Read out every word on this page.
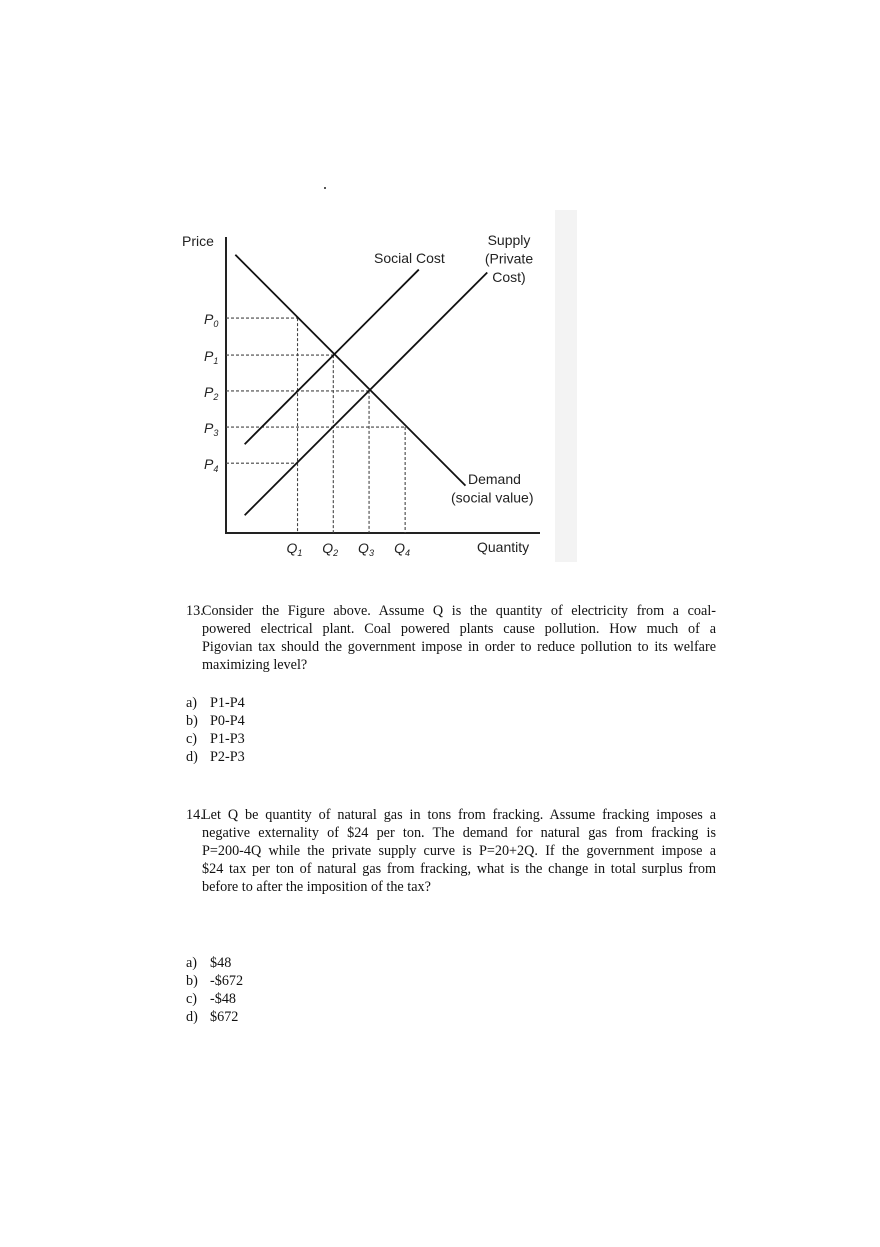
Price
Quantity
$P_0$
$P_1$
$P_2$
$P_3$
$P_4$
$Q_1$ $Q_2$ $Q_3$ $Q_4$
Demand
(social value)
Social Cost
Supply
(Private
Cost)
13.
Consider the Figure above. Assume Q is the quantity of electricity from a coal-
powered electrical plant. Coal powered plants cause pollution. How much of a
Pigovian tax should the government impose in order to reduce pollution to its welfare
maximizing level?
a) P1-P4
b) P0-P4
c) P1-P3
d) P2-P3
14.
Let Q be quantity of natural gas in tons from fracking. Assume fracking imposes a
negative externality of $24 per ton. The demand for natural gas from fracking is
P=200-4Q while the private supply curve is P=20+2Q. If the government impose a
$24 tax per ton of natural gas from fracking, what is the change in total surplus from
before to after the imposition of the tax?
a) $48
b) -$672
c) -$48
d) $672
